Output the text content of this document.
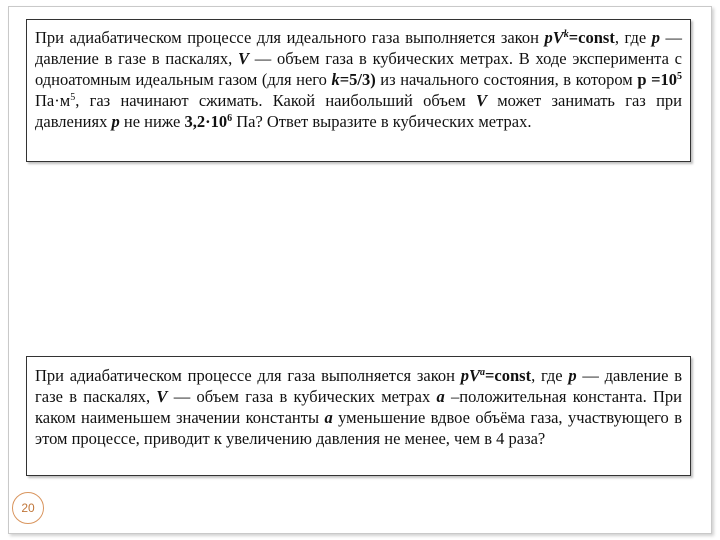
При адиабатическом процессе для идеального газа выполняется закон $pV^k=const$, где p — давление в газе в паскалях, V — объем газа в кубических метрах. В ходе эксперимента с одноатомным идеальным газом (для него k=5/3) из начального состояния, в котором $p =10^5$ $Па\cdot м^5$, газ начинают сжимать. Какой наибольший объем V может занимать газ при давлениях p не ниже $3,2\cdot 10^6$ Па? Ответ выразите в кубических метрах.

При адиабатическом процессе для газа выполняется закон $pV^a=const$, где p — давление в газе в паскалях, V — объем газа в кубических метрах a –положительная константа. При каком наименьшем значении константы a уменьшение вдвое объёма газа, участвующего в этом процессе, приводит к увеличению давления не менее, чем в 4 раза?

20
